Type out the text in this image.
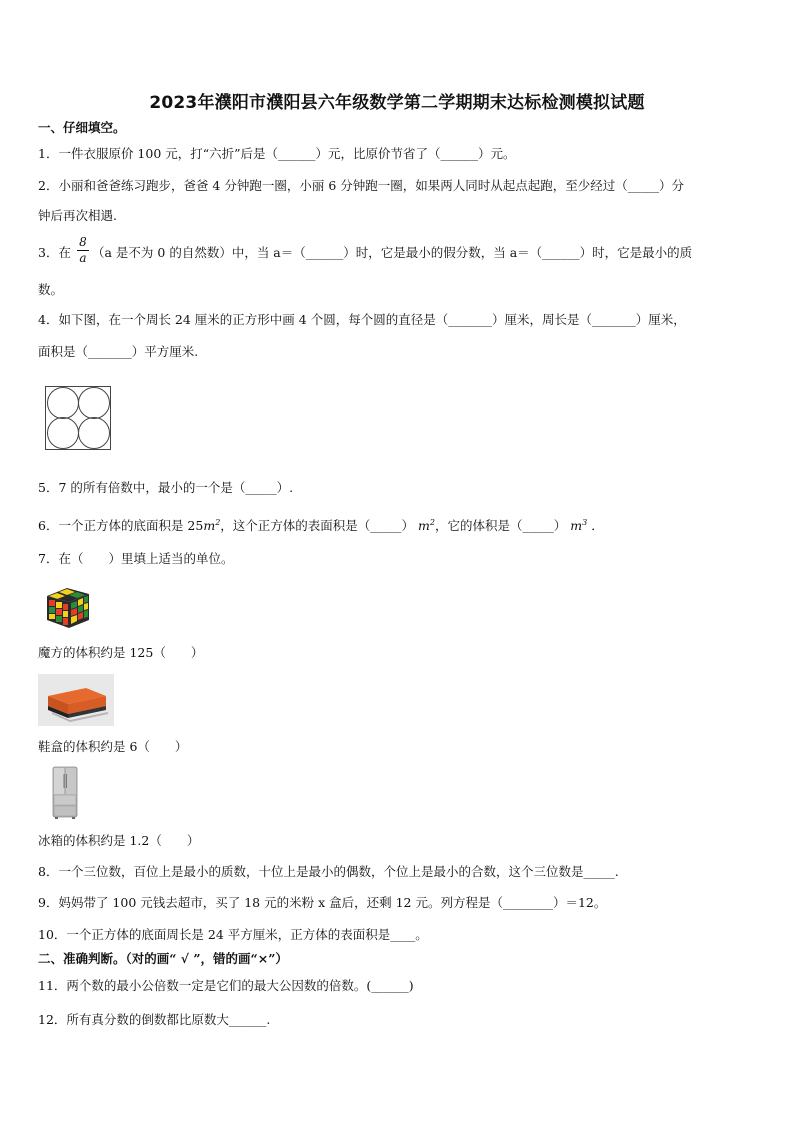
2023年濮阳市濮阳县六年级数学第二学期期末达标检测模拟试题
一、仔细填空。
1．一件衣服原价 100 元，打“六折”后是（______）元，比原价节省了（______）元。
2．小丽和爸爸练习跑步，爸爸 4 分钟跑一圈，小丽 6 分钟跑一圈，如果两人同时从起点起跑，至少经过（_____）分
钟后再次相遇.
3．在
8
a （a 是不为 0 的自然数）中，当 a＝（______）时，它是最小的假分数，当 a＝（______）时，它是最小的质
数。
4．如下图，在一个周长 24 厘米的正方形中画 4 个圆，每个圆的直径是（_______）厘米，周长是（_______）厘米，
面积是（_______）平方厘米.
5．7 的所有倍数中，最小的一个是（_____）.
6．一个正方体的底面积是 $25m^2$，这个正方体的表面积是（_____） $m^2$，它的体积是（_____） $m^3$ ．
7．在（　　）里填上适当的单位。
魔方的体积约是 125（　　）
鞋盒的体积约是 6（　　）
冰箱的体积约是 1.2（　　）
8．一个三位数，百位上是最小的质数，十位上是最小的偶数，个位上是最小的合数，这个三位数是_____.
9．妈妈带了 100 元钱去超市，买了 18 元的米粉 x 盒后，还剩 12 元。列方程是（________）＝12。
10．一个正方体的底面周长是 24 平方厘米，正方体的表面积是____。
二、准确判断。（对的画“ √ ”，错的画“×”）
11．两个数的最小公倍数一定是它们的最大公因数的倍数。(______)
12．所有真分数的倒数都比原数大______.
